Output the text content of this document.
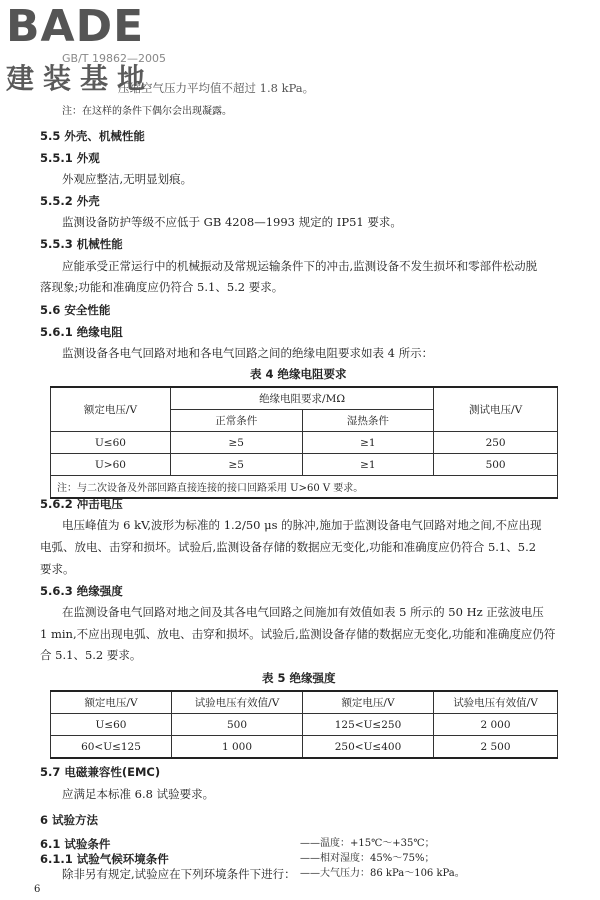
BADE
GB/T 19862—2005
建装基地
压缩空气压力平均值不超过 1.8 kPa。
注：在这样的条件下偶尔会出现凝露。
5.5 外壳、机械性能
5.5.1 外观
外观应整洁,无明显划痕。
5.5.2 外壳
监测设备防护等级不应低于 GB 4208—1993 规定的 IP51 要求。
5.5.3 机械性能
应能承受正常运行中的机械振动及常规运输条件下的冲击,监测设备不发生损坏和零部件松动脱
落现象;功能和准确度应仍符合 5.1、5.2 要求。
5.6 安全性能
5.6.1 绝缘电阻
监测设备各电气回路对地和各电气回路之间的绝缘电阻要求如表 4 所示：
表 4 绝缘电阻要求
额定电压/V	绝缘电阻要求/MΩ		测试电压/V
	正常条件	湿热条件	
U≤60	≥5	≥1	250
U>60	≥5	≥1	500
注：与二次设备及外部回路直接连接的接口回路采用 U>60 V 要求。			
5.6.2 冲击电压
电压峰值为 6 kV,波形为标准的 1.2/50 μs 的脉冲,施加于监测设备电气回路对地之间,不应出现
电弧、放电、击穿和损坏。试验后,监测设备存储的数据应无变化,功能和准确度应仍符合 5.1、5.2
要求。
5.6.3 绝缘强度
在监测设备电气回路对地之间及其各电气回路之间施加有效值如表 5 所示的 50 Hz 正弦波电压
1 min,不应出现电弧、放电、击穿和损坏。试验后,监测设备存储的数据应无变化,功能和准确度应仍符
合 5.1、5.2 要求。
表 5 绝缘强度
额定电压/V	试验电压有效值/V	额定电压/V	试验电压有效值/V
U≤60	500	125<U≤250	2 000
60<U≤125	1 000	250<U≤400	2 500
5.7 电磁兼容性(EMC)
应满足本标准 6.8 试验要求。
6 试验方法
6.1 试验条件
6.1.1 试验气候环境条件
除非另有规定,试验应在下列环境条件下进行：
——温度：+15℃～+35℃；
——相对湿度：45%～75%；
——大气压力：86 kPa～106 kPa。
6
